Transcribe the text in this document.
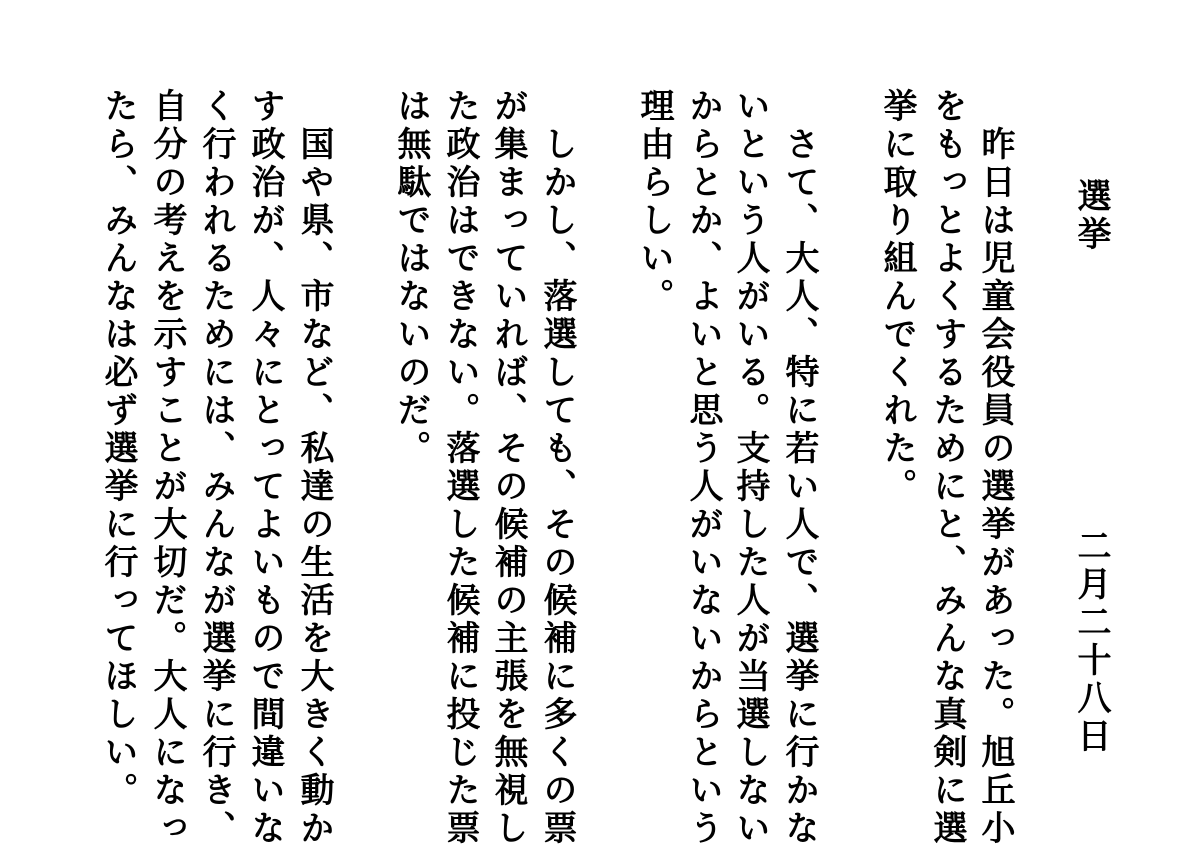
選挙
二月二十八日
　昨日は児童会役員の選挙があった。旭丘小
をもっとよくするためにと、みんな真剣に選
挙に取り組んでくれた。
　さて、大人、特に若い人で、選挙に行かな
いという人がいる。支持した人が当選しない
からとか、よいと思う人がいないからという
理由らしい。
　しかし、落選しても、その候補に多くの票
が集まっていれば、その候補の主張を無視し
た政治はできない。落選した候補に投じた票
は無駄ではないのだ。
　国や県、市など、私達の生活を大きく動か
す政治が、人々にとってよいもので間違いな
く行われるためには、みんなが選挙に行き、
自分の考えを示すことが大切だ。大人になっ
たら、みんなは必ず選挙に行ってほしい。
